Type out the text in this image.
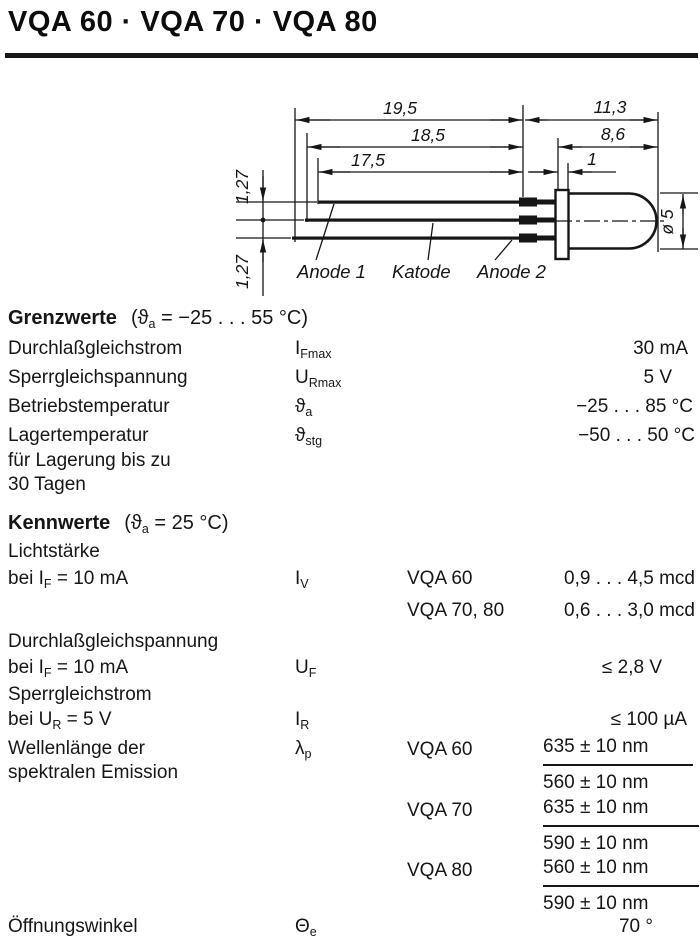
VQA 60 · VQA 70 · VQA 80
19,5	11,3
18,5	8,6
17,5	1
1,27
1,27
ø 5
Anode 1 Katode Anode 2
Grenzwerte ($ϑ_a = -25$ . . . 55 °C)
Durchlaßgleichstrom	$I_{Fmax}$	30 mA
Sperrgleichspannung	$U_{Rmax}$	5 V
Betriebstemperatur	$ϑ_a$	−25 . . . 85 °C
Lagertemperatur	$ϑ_{stg}$	−50 . . . 50 °C
für Lagerung bis zu
30 Tagen
Kennwerte ($ϑ_a = 25$ °C)
Lichtstärke
bei $I_F = 10$ mA	$I_V$	VQA 60	0,9 . . . 4,5 mcd
VQA 70, 80	0,6 . . . 3,0 mcd
Durchlaßgleichspannung
bei $I_F = 10$ mA	$U_F$	≤ 2,8 V
Sperrgleichstrom
bei $U_R = 5$ V	$I_R$	≤ 100 µA
Wellenlänge der	$\lambda_p$
spektralen Emission
VQA 60	$\frac{635 \pm 10 nm}{560 \pm 10 nm}$
VQA 70	$\frac{635 \pm 10 nm}{590 \pm 10 nm}$
VQA 80	$\frac{560 \pm 10 nm}{590 \pm 10 nm}$
Öffnungswinkel	$\Theta_e$	70 °
